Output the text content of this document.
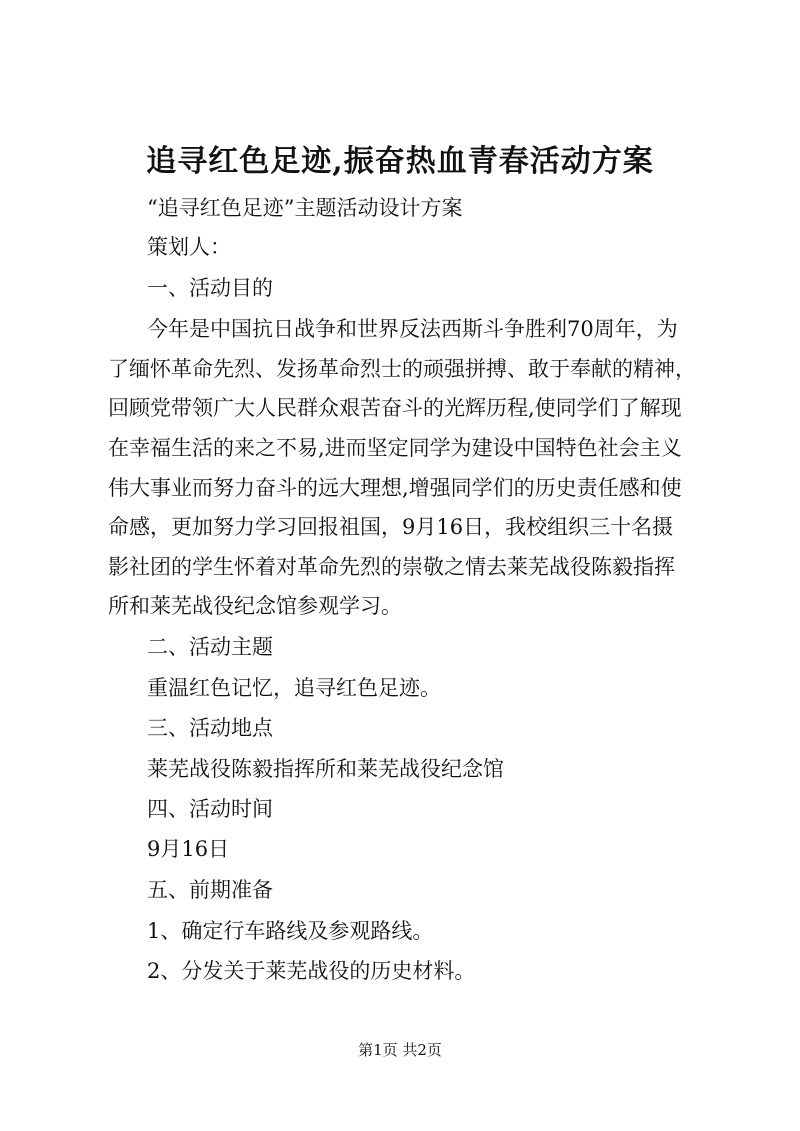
追寻红色足迹,振奋热血青春活动方案
“追寻红色足迹”主题活动设计方案
策划人：
一、活动目的
今年是中国抗日战争和世界反法西斯斗争胜利70周年，为
了缅怀革命先烈、发扬革命烈士的顽强拼搏、敢于奉献的精神，
回顾党带领广大人民群众艰苦奋斗的光辉历程,使同学们了解现
在幸福生活的来之不易,进而坚定同学为建设中国特色社会主义
伟大事业而努力奋斗的远大理想,增强同学们的历史责任感和使
命感，更加努力学习回报祖国，9月16日，我校组织三十名摄
影社团的学生怀着对革命先烈的崇敬之情去莱芜战役陈毅指挥
所和莱芜战役纪念馆参观学习。
二、活动主题
重温红色记忆，追寻红色足迹。
三、活动地点
莱芜战役陈毅指挥所和莱芜战役纪念馆
四、活动时间
9月16日
五、前期准备
1、确定行车路线及参观路线。
2、分发关于莱芜战役的历史材料。
第1页 共2页
